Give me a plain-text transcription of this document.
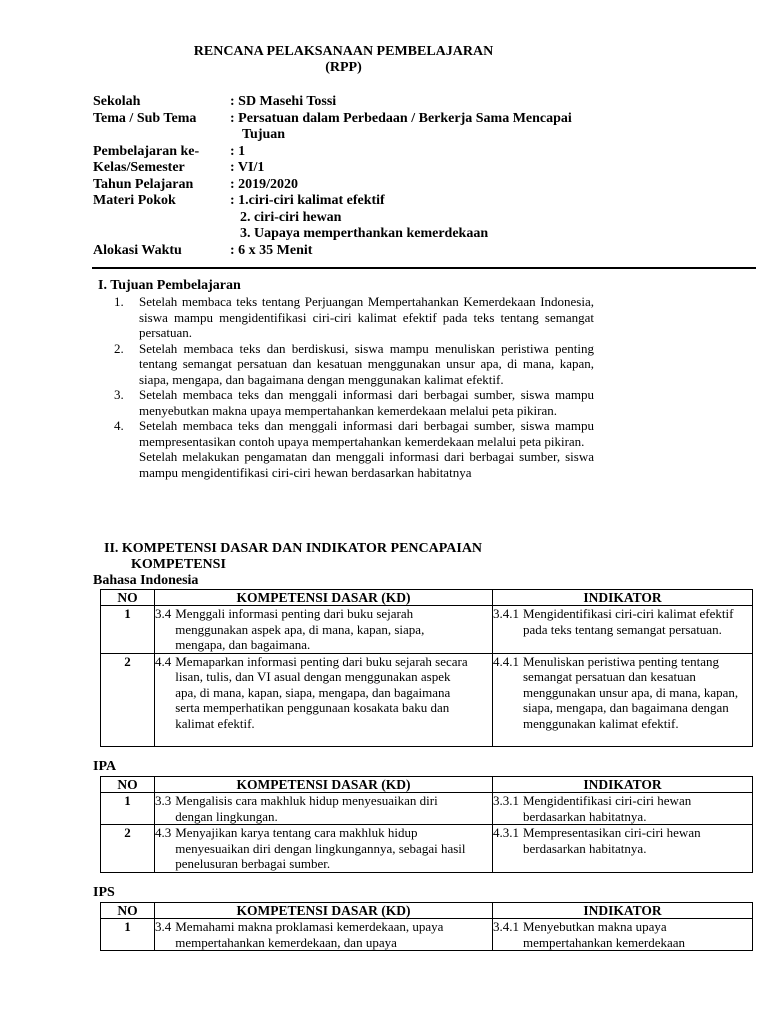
RENCANA PELAKSANAAN PEMBELAJARAN
(RPP)
Sekolah	: SD Masehi Tossi
Tema / Sub Tema	: Persatuan dalam Perbedaan / Berkerja Sama Mencapai
Tujuan
Pembelajaran ke-	: 1
Kelas/Semester	: VI/1
Tahun Pelajaran	: 2019/2020
Materi Pokok	: 1.ciri-ciri kalimat efektif
2. ciri-ciri hewan
3. Uapaya memperthankan kemerdekaan
Alokasi Waktu	: 6 x 35 Menit
I. Tujuan Pembelajaran
1.	Setelah membaca teks tentang Perjuangan Mempertahankan Kemerdekaan Indonesia, siswa mampu mengidentifikasi ciri-ciri kalimat efektif pada teks tentang semangat persatuan.
2.	Setelah membaca teks dan berdiskusi, siswa mampu menuliskan peristiwa penting tentang semangat persatuan dan kesatuan menggunakan unsur apa, di mana, kapan, siapa, mengapa, dan bagaimana dengan menggunakan kalimat efektif.
3.	Setelah membaca teks dan menggali informasi dari berbagai sumber, siswa mampu menyebutkan makna upaya mempertahankan kemerdekaan melalui peta pikiran.
4.	Setelah membaca teks dan menggali informasi dari berbagai sumber, siswa mampu mempresentasikan contoh upaya mempertahankan kemerdekaan melalui peta pikiran.
Setelah melakukan pengamatan dan menggali informasi dari berbagai sumber, siswa mampu mengidentifikasi ciri-ciri hewan berdasarkan habitatnya
II. KOMPETENSI DASAR DAN INDIKATOR PENCAPAIAN
KOMPETENSI
Bahasa Indonesia
NO	KOMPETENSI DASAR (KD)	INDIKATOR
1	3.4 Menggali informasi penting dari buku sejarah menggunakan aspek apa, di mana, kapan, siapa, mengapa, dan bagaimana.	3.4.1 Mengidentifikasi ciri-ciri kalimat efektif pada teks tentang semangat persatuan.

2	4.4 Memaparkan informasi penting dari buku sejarah secara lisan, tulis, dan VI asual dengan menggunakan aspek apa, di mana, kapan, siapa, mengapa, dan bagaimana serta memperhatikan penggunaan kosakata baku dan kalimat efektif.	4.4.1 Menuliskan peristiwa penting tentang semangat persatuan dan kesatuan menggunakan unsur apa, di mana, kapan, siapa, mengapa, dan bagaimana dengan menggunakan kalimat efektif.
IPA
NO	KOMPETENSI DASAR (KD)	INDIKATOR
1	3.3 Mengalisis cara makhluk hidup menyesuaikan diri dengan lingkungan.	3.3.1 Mengidentifikasi ciri-ciri hewan berdasarkan habitatnya.

2	4.3 Menyajikan karya tentang cara makhluk hidup menyesuaikan diri dengan lingkungannya, sebagai hasil penelusuran berbagai sumber.	4.3.1 Mempresentasikan ciri-ciri hewan berdasarkan habitatnya.
IPS
NO	KOMPETENSI DASAR (KD)	INDIKATOR
1	3.4 Memahami makna proklamasi kemerdekaan, upaya mempertahankan kemerdekaan, dan upaya	3.4.1 Menyebutkan makna upaya mempertahankan kemerdekaan
